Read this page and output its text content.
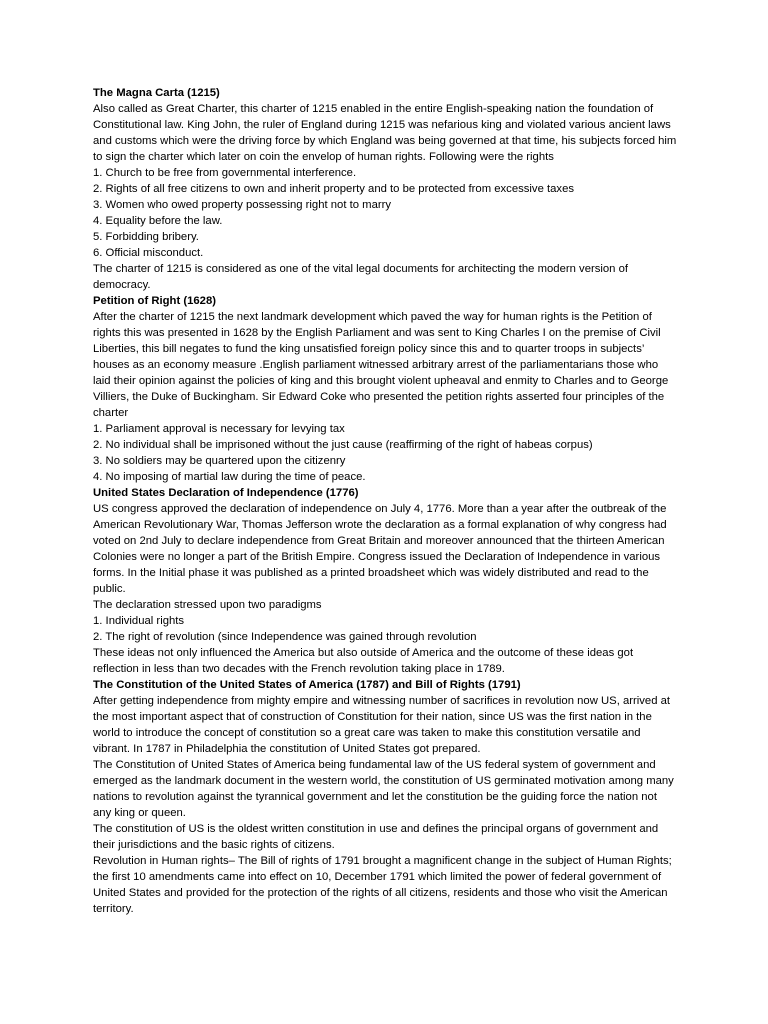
The Magna Carta (1215)

Also called as Great Charter, this charter of 1215 enabled in the entire English-speaking nation the foundation of Constitutional law. King John, the ruler of England during 1215 was nefarious king and violated various ancient laws and customs which were the driving force by which England was being governed at that time, his subjects forced him to sign the charter which later on coin the envelop of human rights. Following were the rights

1. Church to be free from governmental interference.

2. Rights of all free citizens to own and inherit property and to be protected from excessive taxes

3. Women who owed property possessing right not to marry

4. Equality before the law.

5. Forbidding bribery.

6. Official misconduct.

The charter of 1215 is considered as one of the vital legal documents for architecting the modern version of democracy.

Petition of Right (1628)

After the charter of 1215 the next landmark development which paved the way for human rights is the Petition of rights this was presented in 1628 by the English Parliament and was sent to King Charles I on the premise of Civil Liberties, this bill negates to fund the king unsatisfied foreign policy since this and to quarter troops in subjects’ houses as an economy measure .English parliament witnessed arbitrary arrest of the parliamentarians those who laid their opinion against the policies of king and this brought violent upheaval and enmity to Charles and to George Villiers, the Duke of Buckingham. Sir Edward Coke who presented the petition rights asserted four principles of the charter

1. Parliament approval is necessary for levying tax

2. No individual shall be imprisoned without the just cause (reaffirming of the right of habeas corpus)

3. No soldiers may be quartered upon the citizenry

4. No imposing of martial law during the time of peace.

United States Declaration of Independence (1776)

US congress approved the declaration of independence on July 4, 1776. More than a year after the outbreak of the American Revolutionary War, Thomas Jefferson wrote the declaration as a formal explanation of why congress had voted on 2nd July to declare independence from Great Britain and moreover announced that the thirteen American Colonies were no longer a part of the British Empire. Congress issued the Declaration of Independence in various forms. In the Initial phase it was published as a printed broadsheet which was widely distributed and read to the public.

The declaration stressed upon two paradigms

1. Individual rights

2. The right of revolution (since Independence was gained through revolution

These ideas not only influenced the America but also outside of America and the outcome of these ideas got reflection in less than two decades with the French revolution taking place in 1789.

The Constitution of the United States of America (1787) and Bill of Rights (1791)

After getting independence from mighty empire and witnessing number of sacrifices in revolution now US, arrived at the most important aspect that of construction of Constitution for their nation, since US was the first nation in the world to introduce the concept of constitution so a great care was taken to make this constitution versatile and vibrant. In 1787 in Philadelphia the constitution of United States got prepared.

The Constitution of United States of America being fundamental law of the US federal system of government and emerged as the landmark document in the western world, the constitution of US germinated motivation among many nations to revolution against the tyrannical government and let the constitution be the guiding force the nation not any king or queen.

The constitution of US is the oldest written constitution in use and defines the principal organs of government and their jurisdictions and the basic rights of citizens.

Revolution in Human rights– The Bill of rights of 1791 brought a magnificent change in the subject of Human Rights; the first 10 amendments came into effect on 10, December 1791 which limited the power of federal government of United States and provided for the protection of the rights of all citizens, residents and those who visit the American territory.
